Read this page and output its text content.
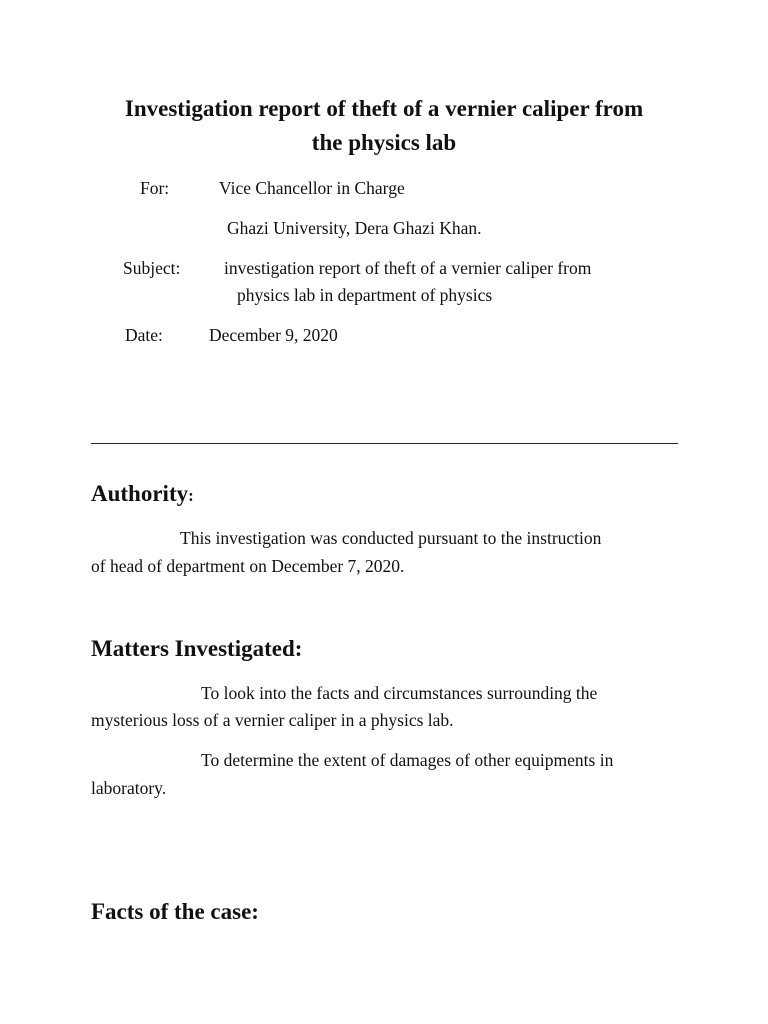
Investigation report of theft of a vernier caliper from
the physics lab
For:	Vice Chancellor in Charge
Ghazi University, Dera Ghazi Khan.
Subject: investigation report of theft of a vernier caliper from
physics lab in department of physics
Date:	December 9, 2020
Authority:
This investigation was conducted pursuant to the instruction
of head of department on December 7, 2020.
Matters Investigated:
To look into the facts and circumstances surrounding the
mysterious loss of a vernier caliper in a physics lab.
To determine the extent of damages of other equipments in
laboratory.
Facts of the case:
